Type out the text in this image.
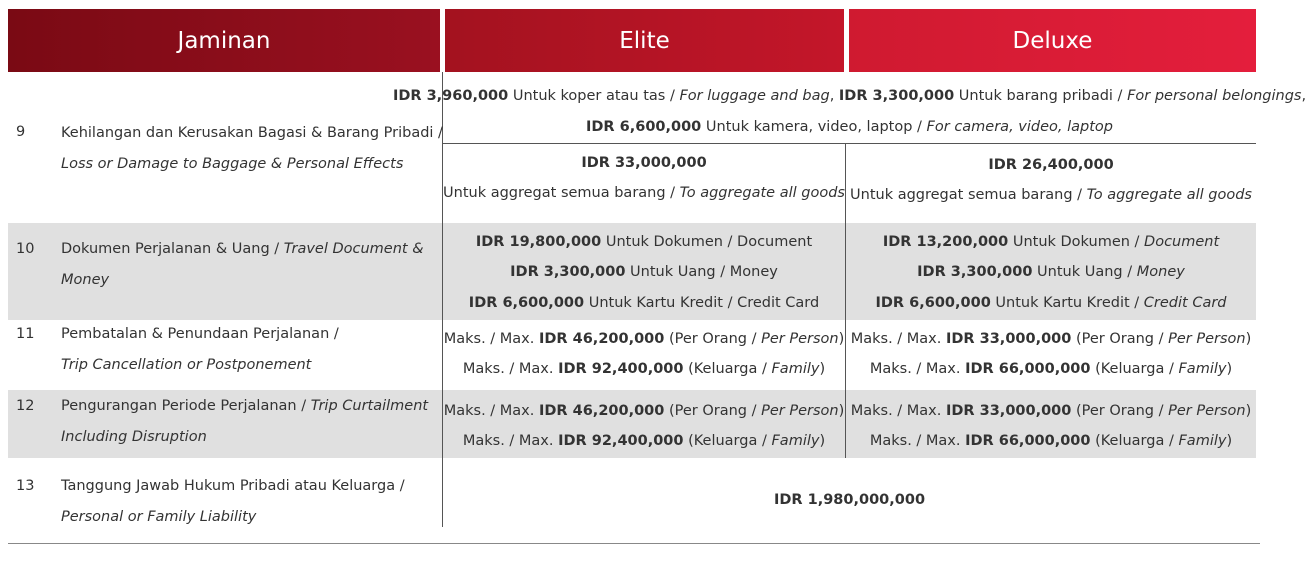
Jaminan	Elite	Deluxe
9 Kehilangan dan Kerusakan Bagasi & Barang Pribadi /
Loss or Damage to Baggage & Personal Effects
IDR 3,960,000 Untuk koper atau tas / For luggage and bag, IDR 3,300,000 Untuk barang pribadi / For personal belongings,
IDR 6,600,000 Untuk kamera, video, laptop / For camera, video, laptop
IDR 33,000,000
Untuk aggregat semua barang / To aggregate all goods
IDR 26,400,000
Untuk aggregat semua barang / To aggregate all goods
10 Dokumen Perjalanan & Uang / Travel Document &
Money
IDR 19,800,000 Untuk Dokumen / Document
IDR 3,300,000 Untuk Uang / Money
IDR 6,600,000 Untuk Kartu Kredit / Credit Card
IDR 13,200,000 Untuk Dokumen / Document
IDR 3,300,000 Untuk Uang / Money
IDR 6,600,000 Untuk Kartu Kredit / Credit Card
11 Pembatalan & Penundaan Perjalanan /
Trip Cancellation or Postponement
Maks. / Max. IDR 46,200,000 (Per Orang / Per Person)
Maks. / Max. IDR 92,400,000 (Keluarga / Family)
Maks. / Max. IDR 33,000,000 (Per Orang / Per Person)
Maks. / Max. IDR 66,000,000 (Keluarga / Family)
12 Pengurangan Periode Perjalanan / Trip Curtailment
Including Disruption
Maks. / Max. IDR 46,200,000 (Per Orang / Per Person)
Maks. / Max. IDR 92,400,000 (Keluarga / Family)
Maks. / Max. IDR 33,000,000 (Per Orang / Per Person)
Maks. / Max. IDR 66,000,000 (Keluarga / Family)
13 Tanggung Jawab Hukum Pribadi atau Keluarga /
Personal or Family Liability
IDR 1,980,000,000
